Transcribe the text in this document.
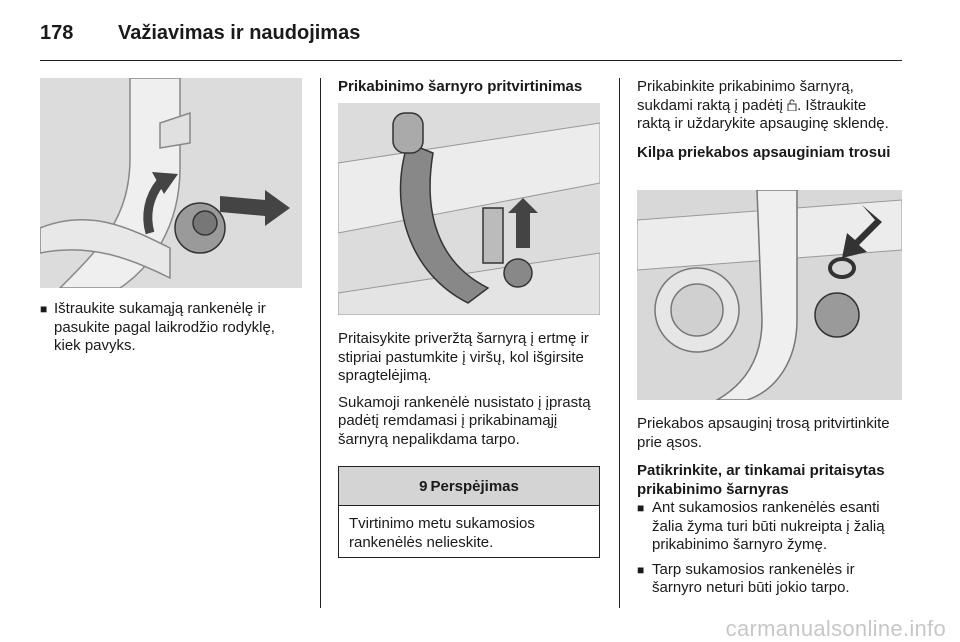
178 Važiavimas ir naudojimas
■ Ištraukite sukamąją rankenėlę ir pasukite pagal laikrodžio rodyklę, kiek pavyks.
Prikabinimo šarnyro pritvirtinimas

Pritaisykite priveržtą šarnyrą į ertmę ir stipriai pastumkite į viršų, kol išgirsite spragtelėjimą.

Sukamoji rankenėlė nusistato į įprastą padėtį remdamasi į prikabinamąjį šarnyrą nepalikdama tarpo.

9 Perspėjimas
Tvirtinimo metu sukamosios rankenėlės nelieskite.

Prikabinkite prikabinimo šarnyrą, sukdami raktą į padėtį . Ištraukite raktą ir uždarykite apsauginę sklendę.

Kilpa priekabos apsauginiam trosui

Priekabos apsauginį trosą pritvirtinkite prie ąsos.

Patikrinkite, ar tinkamai pritaisytas prikabinimo šarnyras

■ Ant sukamosios rankenėlės esanti žalia žyma turi būti nukreipta į žalią prikabinimo šarnyro žymę.
■ Tarp sukamosios rankenėlės ir šarnyro neturi būti jokio tarpo.
carmanualsonline.info
